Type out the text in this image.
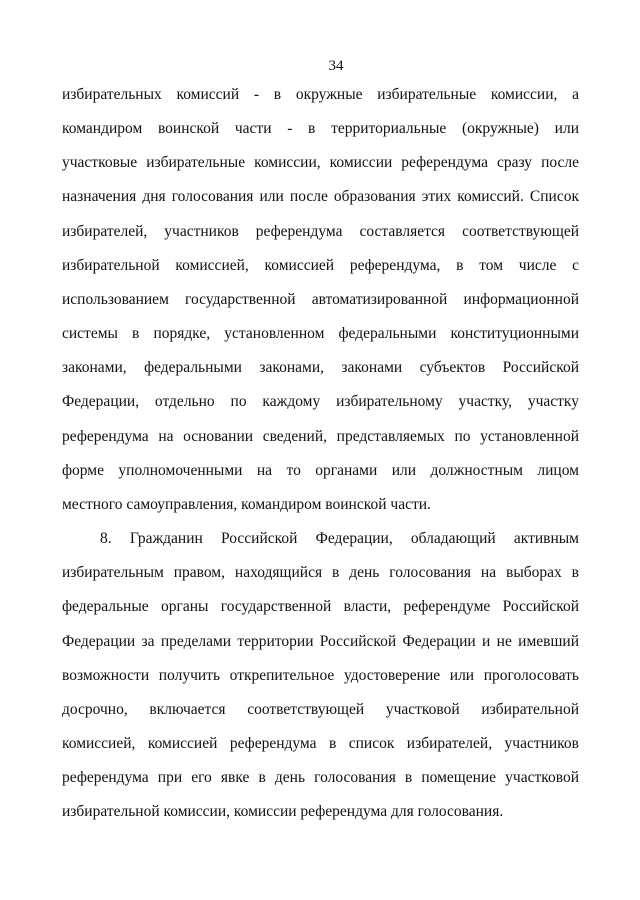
34

избирательных комиссий - в окружные избирательные комиссии, а
командиром воинской части - в территориальные (окружные) или
участковые избирательные комиссии, комиссии референдума сразу после
назначения дня голосования или после образования этих комиссий. Список
избирателей, участников референдума составляется соответствующей
избирательной комиссией, комиссией референдума, в том числе с
использованием государственной автоматизированной информационной
системы в порядке, установленном федеральными конституционными
законами, федеральными законами, законами субъектов Российской
Федерации, отдельно по каждому избирательному участку, участку
референдума на основании сведений, представляемых по установленной
форме уполномоченными на то органами или должностным лицом
местного самоуправления, командиром воинской части.

8. Гражданин Российской Федерации, обладающий активным
избирательным правом, находящийся в день голосования на выборах в
федеральные органы государственной власти, референдуме Российской
Федерации за пределами территории Российской Федерации и не имевший
возможности получить открепительное удостоверение или проголосовать
досрочно, включается соответствующей участковой избирательной
комиссией, комиссией референдума в список избирателей, участников
референдума при его явке в день голосования в помещение участковой
избирательной комиссии, комиссии референдума для голосования.
